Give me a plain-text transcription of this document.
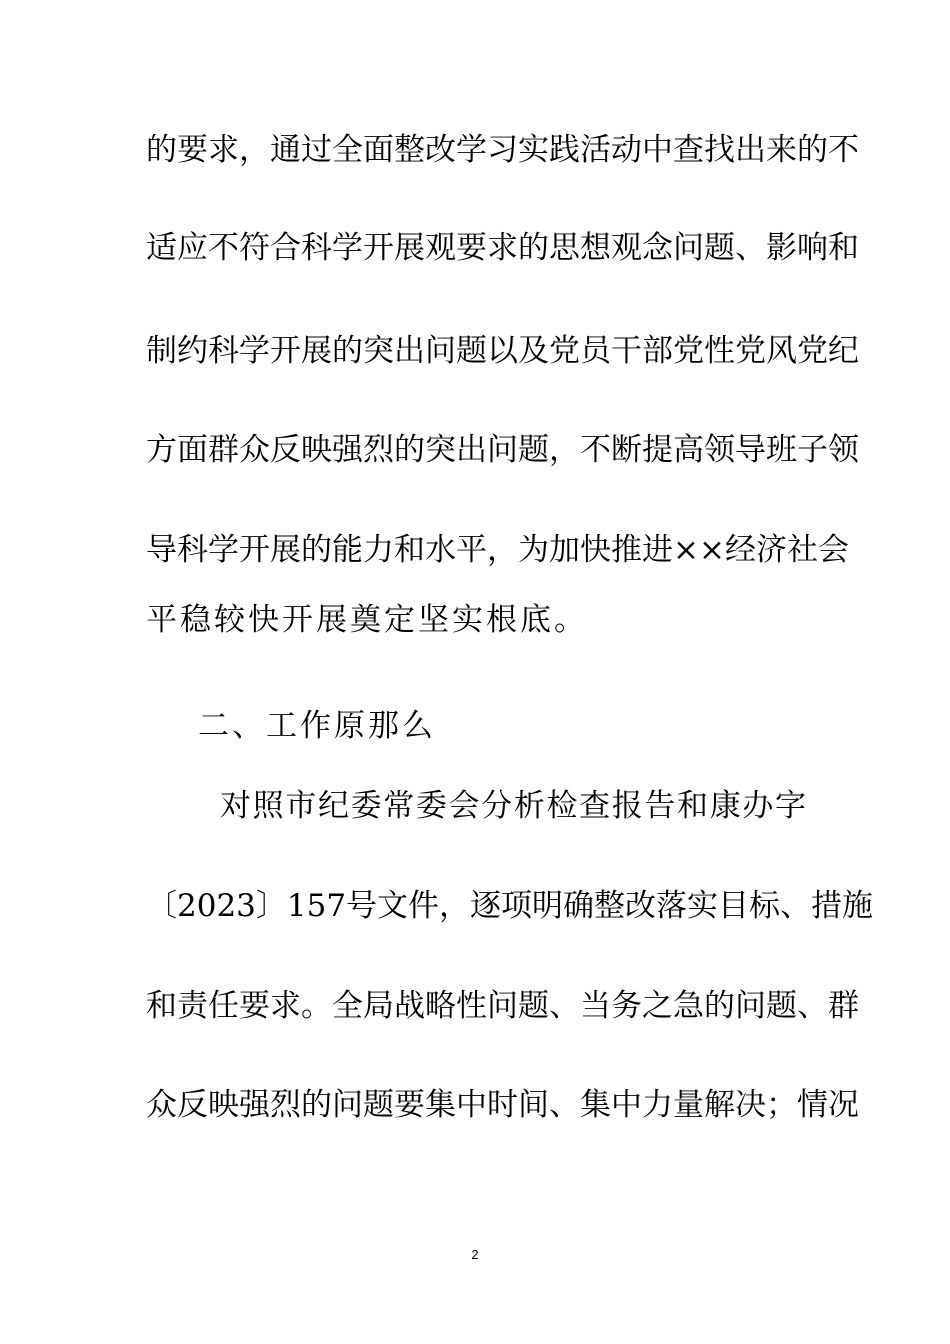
的要求，通过全面整改学习实践活动中查找出来的不
适应不符合科学开展观要求的思想观念问题、影响和
制约科学开展的突出问题以及党员干部党性党风党纪
方面群众反映强烈的突出问题，不断提高领导班子领
导科学开展的能力和水平，为加快推进××经济社会
平稳较快开展奠定坚实根底。
二、工作原那么
对照市纪委常委会分析检查报告和康办字
〔2023〕157号文件，逐项明确整改落实目标、措施
和责任要求。全局战略性问题、当务之急的问题、群
众反映强烈的问题要集中时间、集中力量解决；情况
2
